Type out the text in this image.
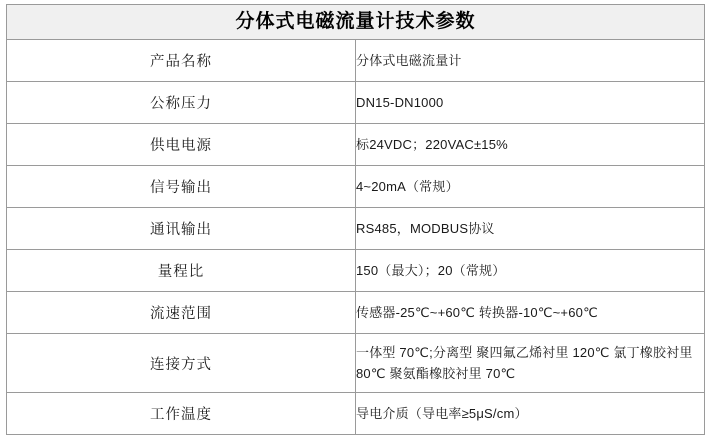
分体式电磁流量计技术参数	
产品名称	分体式电磁流量计
公称压力	DN15-DN1000
供电电源	标24VDC；220VAC±15%
信号输出	4~20mA（常规）
通讯输出	RS485，MODBUS协议
量程比	150（最大）；20（常规）
流速范围	传感器-25℃~+60℃ 转换器-10℃~+60℃
连接方式	一体型 70℃;分离型 聚四氟乙烯衬里 120℃ 氯丁橡胶衬里 80℃ 聚氨酯橡胶衬里 70℃
工作温度	导电介质（导电率≥5μS/cm）
